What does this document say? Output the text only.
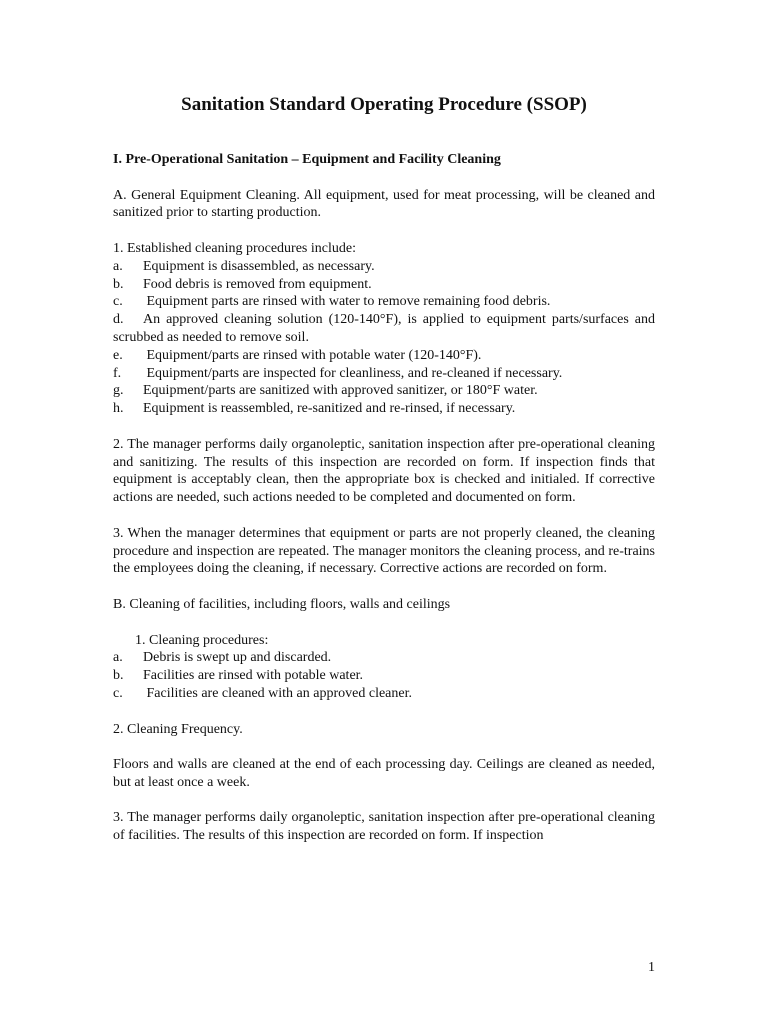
Sanitation Standard Operating Procedure (SSOP)

I. Pre-Operational Sanitation – Equipment and Facility Cleaning

A. General Equipment Cleaning. All equipment, used for meat processing, will be cleaned and sanitized prior to starting production.

1. Established cleaning procedures include:

a. Equipment is disassembled, as necessary.
b. Food debris is removed from equipment.
c. Equipment parts are rinsed with water to remove remaining food debris.
d. An approved cleaning solution (120-140°F), is applied to equipment parts/surfaces and scrubbed as needed to remove soil.
e. Equipment/parts are rinsed with potable water (120-140°F).
f. Equipment/parts are inspected for cleanliness, and re-cleaned if necessary.
g. Equipment/parts are sanitized with approved sanitizer, or 180°F water.
h. Equipment is reassembled, re-sanitized and re-rinsed, if necessary.

2. The manager performs daily organoleptic, sanitation inspection after pre-operational cleaning and sanitizing. The results of this inspection are recorded on form. If inspection finds that equipment is acceptably clean, then the appropriate box is checked and initialed. If corrective actions are needed, such actions needed to be completed and documented on form.

3. When the manager determines that equipment or parts are not properly cleaned, the cleaning procedure and inspection are repeated. The manager monitors the cleaning process, and re-trains the employees doing the cleaning, if necessary. Corrective actions are recorded on form.

B. Cleaning of facilities, including floors, walls and ceilings

1. Cleaning procedures:

a. Debris is swept up and discarded.
b. Facilities are rinsed with potable water.
c. Facilities are cleaned with an approved cleaner.

2. Cleaning Frequency.

Floors and walls are cleaned at the end of each processing day. Ceilings are cleaned as needed, but at least once a week.

3. The manager performs daily organoleptic, sanitation inspection after pre-operational cleaning of facilities. The results of this inspection are recorded on form. If inspection

1
